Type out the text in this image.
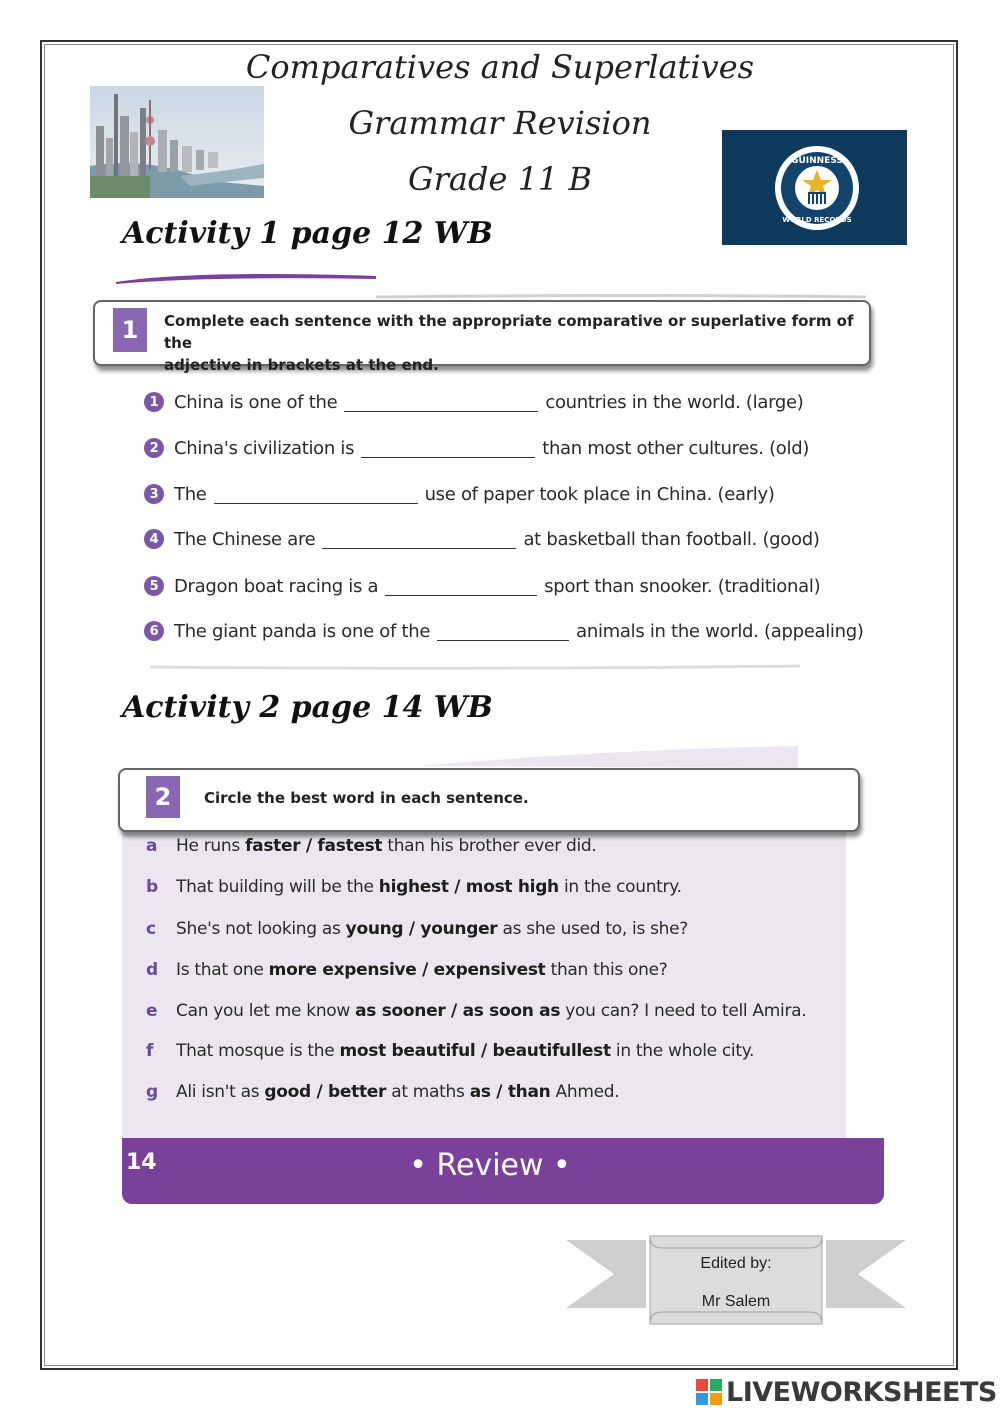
Comparatives and Superlatives
Grammar Revision
Grade 11 B	GUINNESS
WORLD RECORDS
Activity 1 page 12 WB
1	Complete each sentence with the appropriate comparative or superlative form of the
adjective in brackets at the end.
1 China is one of the	countries in the world. (large)
2 China's civilization is	than most other cultures. (old)
3 The	use of paper took place in China. (early)
4 The Chinese are	at basketball than football. (good)
5 Dragon boat racing is a	sport than snooker. (traditional)
6 The giant panda is one of the	animals in the world. (appealing)
Activity 2 page 14 WB
2	Circle the best word in each sentence.
a	He runs
faster / fastest
than his brother ever did.
b	That building will be the
highest / most high
in the country.
c	She's not looking as
young / younger
as she used to, is she?
d	Is that one
more expensive / expensivest
than this one?
e	Can you let me know
as sooner / as soon as
you can? I need to tell Amira.
f	That mosque is the
most beautiful / beautifullest
in the whole city.
g	Ali isn't as
good / better
at maths
as / than
Ahmed.
14	• Review •
Edited by:
Mr Salem
LIVEWORKSHEETS
